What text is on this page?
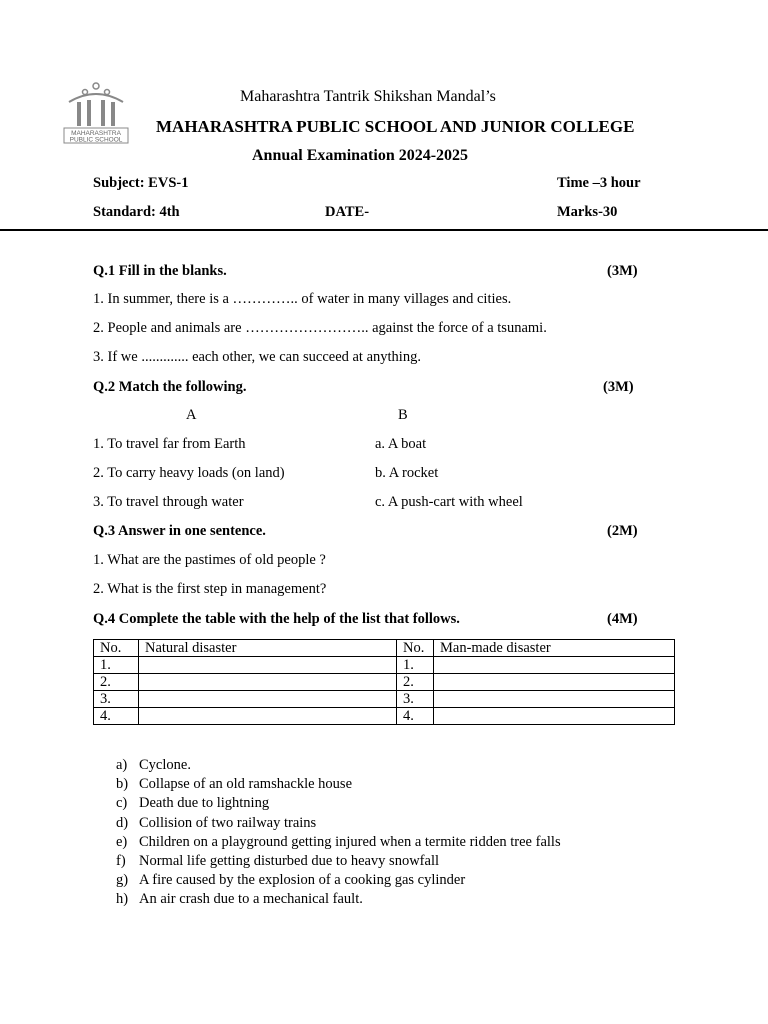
MAHARASHTRA
PUBLIC SCHOOL
Maharashtra Tantrik Shikshan Mandal’s
MAHARASHTRA PUBLIC SCHOOL AND JUNIOR COLLEGE
Annual Examination 2024-2025
Subject: EVS-1	Time –3 hour
Standard: 4th	DATE-	Marks-30
Q.1 Fill in the blanks.	(3M)
1. In summer, there is a ………….. of water in many villages and cities.
2. People and animals are …………………….. against the force of a tsunami.
3. If we ............. each other, we can succeed at anything.
Q.2 Match the following.	(3M)
A	B
1. To travel far from Earth	a. A boat
2. To carry heavy loads (on land)	b. A rocket
3. To travel through water	c. A push-cart with wheel
Q.3 Answer in one sentence.	(2M)
1. What are the pastimes of old people ?
2. What is the first step in management?
Q.4 Complete the table with the help of the list that follows.	(4M)
No.	Natural disaster	No.	Man-made disaster
1.		1.	
2.		2.	
3.		3.	
4.		4.	
a) Cyclone.
b) Collapse of an old ramshackle house
c) Death due to lightning
d) Collision of two railway trains
e) Children on a playground getting injured when a termite ridden tree falls
f) Normal life getting disturbed due to heavy snowfall
g) A fire caused by the explosion of a cooking gas cylinder
h) An air crash due to a mechanical fault.
